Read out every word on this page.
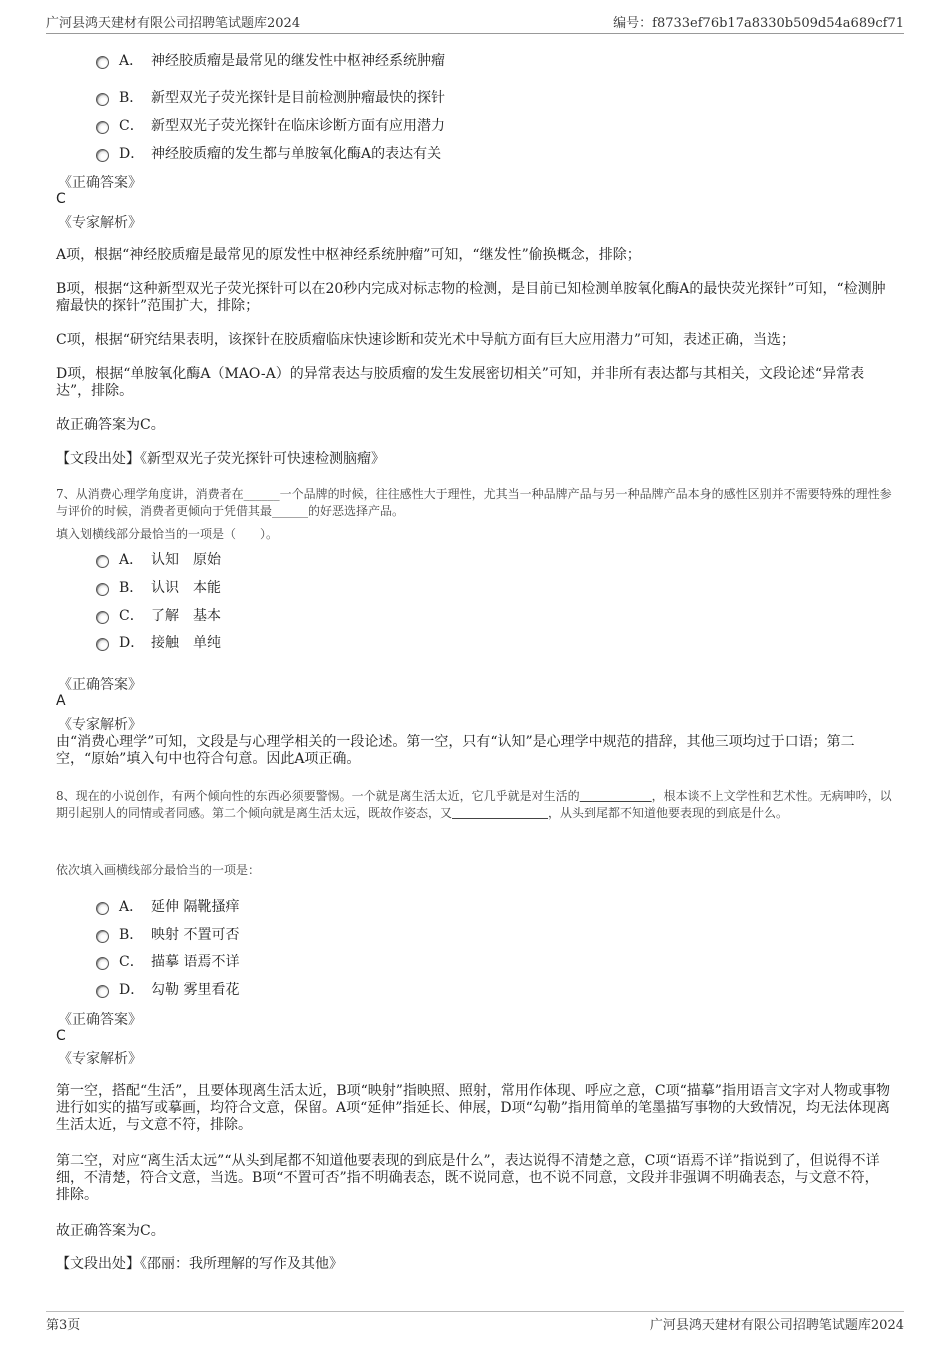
广河县鸿天建材有限公司招聘笔试题库2024	编号：f8733ef76b17a8330b509d54a689cf71
A． 神经胶质瘤是最常见的继发性中枢神经系统肿瘤
B． 新型双光子荧光探针是目前检测肿瘤最快的探针
C． 新型双光子荧光探针在临床诊断方面有应用潜力
D． 神经胶质瘤的发生都与单胺氧化酶A的表达有关
《正确答案》
C
《专家解析》
A项，根据“神经胶质瘤是最常见的原发性中枢神经系统肿瘤”可知，“继发性”偷换概念，排除；
B项，根据“这种新型双光子荧光探针可以在20秒内完成对标志物的检测，是目前已知检测单胺氧化酶A的最快荧光探针”可知，“检测肿瘤最快的探针”范围扩大，排除；
C项，根据“研究结果表明，该探针在胶质瘤临床快速诊断和荧光术中导航方面有巨大应用潜力”可知，表述正确，当选；
D项，根据“单胺氧化酶A（MAO-A）的异常表达与胶质瘤的发生发展密切相关”可知，并非所有表达都与其相关，文段论述“异常表达”，排除。
故正确答案为C。
【文段出处】《新型双光子荧光探针可快速检测脑瘤》
7、从消费心理学角度讲，消费者在______一个品牌的时候，往往感性大于理性，尤其当一种品牌产品与另一种品牌产品本身的感性区别并不需要特殊的理性参与评价的时候，消费者更倾向于凭借其最______的好恶选择产品。
填入划横线部分最恰当的一项是（　　）。
A． 认知　原始
B． 认识　本能
C． 了解　基本
D． 接触　单纯
《正确答案》
A
《专家解析》
由“消费心理学”可知，文段是与心理学相关的一段论述。第一空，只有“认知”是心理学中规范的措辞，其他三项均过于口语；第二空，“原始”填入句中也符合句意。因此A项正确。
8、现在的小说创作，有两个倾向性的东西必须要警惕。一个就是离生活太近，它几乎就是对生活的　　　　　　	，根本谈不上文学性和艺术性。无病呻吟，以期引起别人的同情或者同感。第二个倾向就是离生活太远，既故作姿态，又　　　　　　　　	，从头到尾都不知道他要表现的到底是什么。
依次填入画横线部分最恰当的一项是：
A． 延伸 隔靴搔痒
B． 映射 不置可否
C． 描摹 语焉不详
D． 勾勒 雾里看花
《正确答案》
C
《专家解析》
第一空，搭配“生活”，且要体现离生活太近，B项“映射”指映照、照射，常用作体现、呼应之意，C项“描摹”指用语言文字对人物或事物进行如实的描写或摹画，均符合文意，保留。A项“延伸”指延长、伸展，D项“勾勒”指用简单的笔墨描写事物的大致情况，均无法体现离生活太近，与文意不符，排除。
第二空，对应“离生活太远”“从头到尾都不知道他要表现的到底是什么”，表达说得不清楚之意，C项“语焉不详”指说到了，但说得不详细，不清楚，符合文意，当选。B项“不置可否”指不明确表态，既不说同意，也不说不同意，文段并非强调不明确表态，与文意不符，排除。
故正确答案为C。
【文段出处】《邵丽：我所理解的写作及其他》
第3页	广河县鸿天建材有限公司招聘笔试题库2024
